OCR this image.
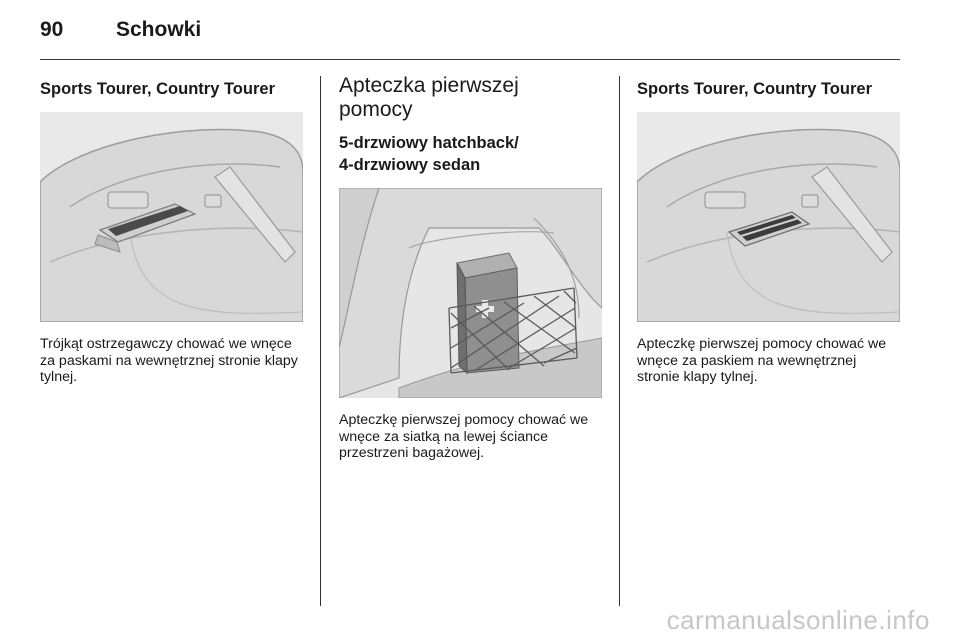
90	Schowki
Sports Tourer, Country Tourer

Trójkąt ostrzegawczy chować we wnęce za paskami na wewnętrznej stronie klapy tylnej.

Apteczka pierwszej
pomocy
5-drzwiowy hatchback/
4-drzwiowy sedan

Apteczkę pierwszej pomocy chować we wnęce za siatką na lewej ściance przestrzeni bagażowej.

Sports Tourer, Country Tourer

Apteczkę pierwszej pomocy chować we wnęce za paskiem na wewnętrznej stronie klapy tylnej.

carmanualsonline.info
